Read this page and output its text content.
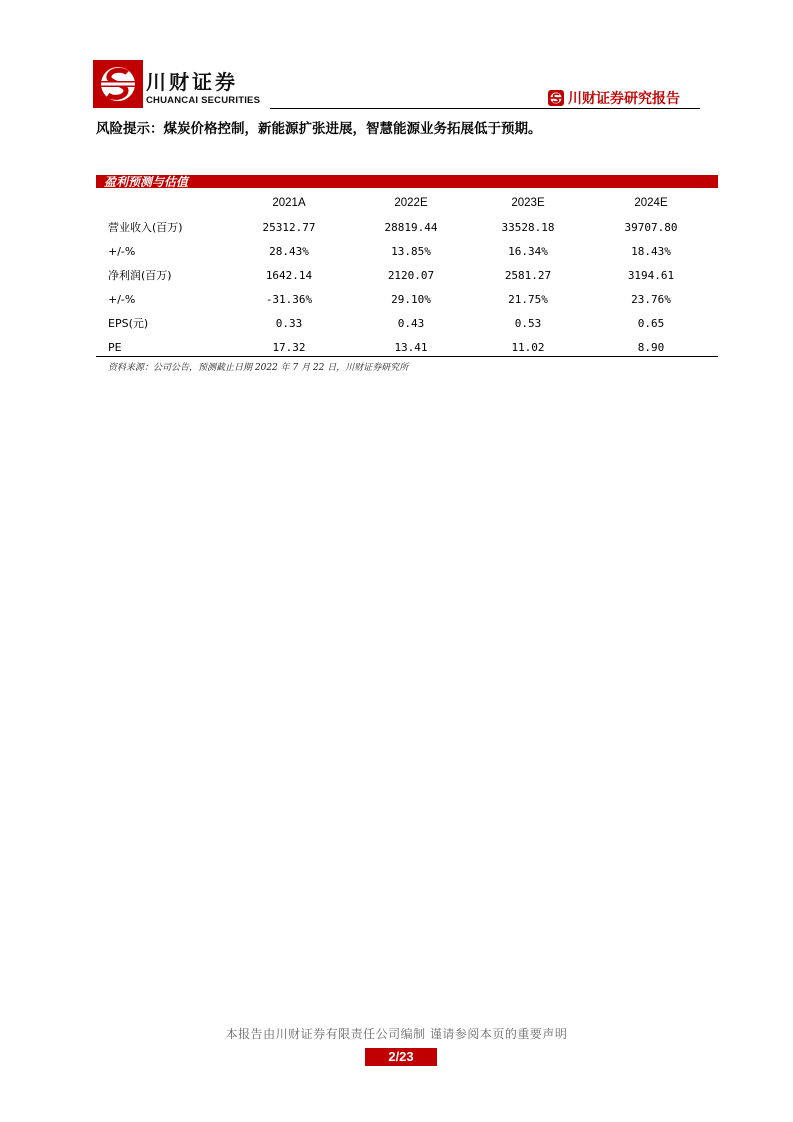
川财证券
CHUANCAI SECURITIES	川财证券研究报告
风险提示：煤炭价格控制，新能源扩张进展，智慧能源业务拓展低于预期。
盈利预测与估值
	2021A	2022E	2023E	2024E
营业收入(百万)	25312.77	28819.44	33528.18	39707.80
+/-%	28.43%	13.85%	16.34%	18.43%
净利润(百万)	1642.14	2120.07	2581.27	3194.61
+/-%	-31.36%	29.10%	21.75%	23.76%
EPS(元)	0.33	0.43	0.53	0.65
PE	17.32	13.41	11.02	8.90
资料来源：公司公告，预测截止日期 2022 年 7 月 22 日，川财证券研究所
本报告由川财证券有限责任公司编制 谨请参阅本页的重要声明
2/23
